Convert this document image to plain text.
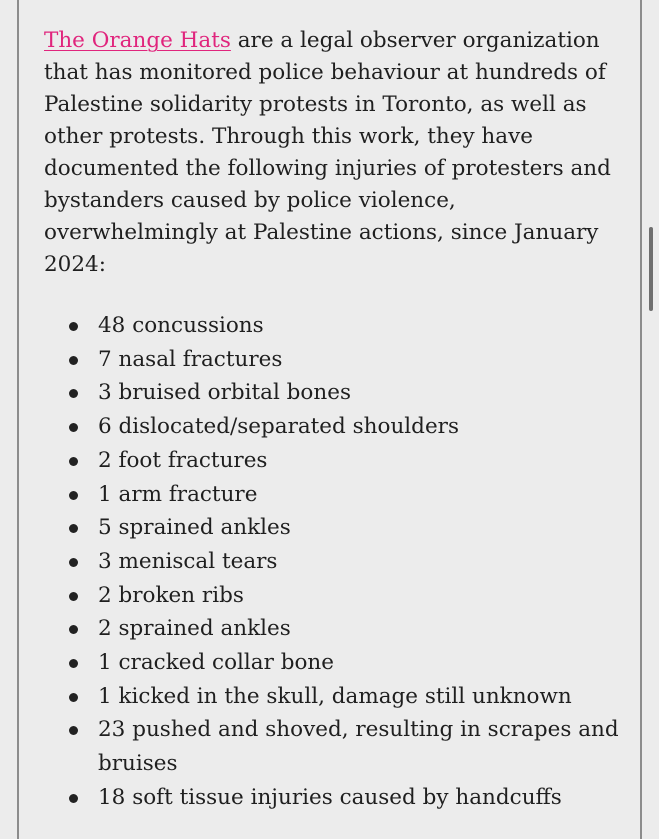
The Orange Hats are a legal observer organization that has monitored police behaviour at hundreds of Palestine solidarity protests in Toronto, as well as other protests. Through this work, they have documented the following injuries of protesters and bystanders caused by police violence, overwhelmingly at Palestine actions, since January 2024:

48 concussions
7 nasal fractures
3 bruised orbital bones
6 dislocated/separated shoulders
2 foot fractures
1 arm fracture
5 sprained ankles
3 meniscal tears
2 broken ribs
2 sprained ankles
1 cracked collar bone
1 kicked in the skull, damage still unknown
23 pushed and shoved, resulting in scrapes and bruises
18 soft tissue injuries caused by handcuffs
